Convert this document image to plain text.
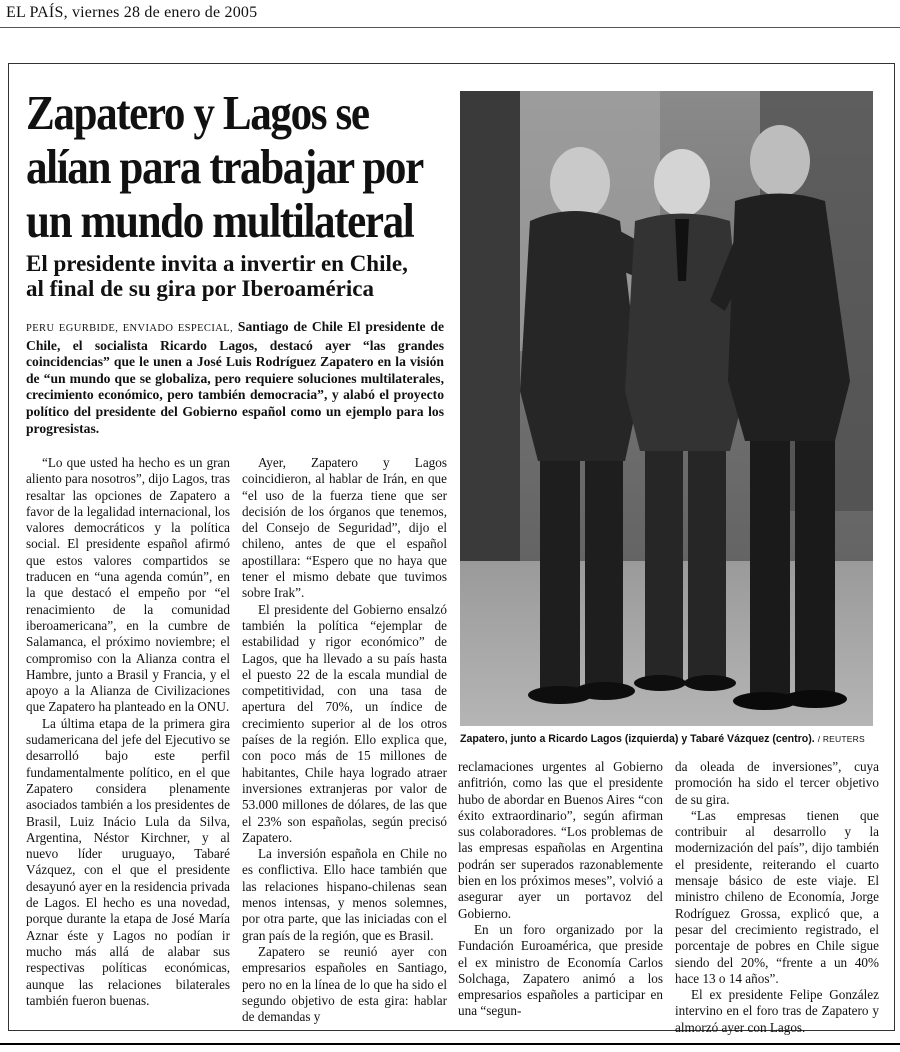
EL PAÍS, viernes 28 de enero de 2005
Zapatero y Lagos se
alían para trabajar por
un mundo multilateral
El presidente invita a invertir en Chile,
al final de su gira por Iberoamérica

PERU EGURBIDE, ENVIADO ESPECIAL, Santiago de Chile El presidente de Chile, el socialista Ricardo Lagos, destacó ayer “las grandes coincidencias” que le unen a José Luis Rodríguez Zapatero en la visión de “un mundo que se globaliza, pero requiere soluciones multilaterales, crecimiento económico, pero también democracia”, y alabó el proyecto político del presidente del Gobierno español como un ejemplo para los progresistas.

“Lo que usted ha hecho es un gran aliento para nosotros”, dijo Lagos, tras resaltar las opciones de Zapatero a favor de la legalidad internacional, los valores democráticos y la política social. El presidente español afirmó que estos valores compartidos se traducen en “una agenda común”, en la que destacó el empeño por “el renacimiento de la comunidad iberoamericana”, en la cumbre de Salamanca, el próximo noviembre; el compromiso con la Alianza contra el Hambre, junto a Brasil y Francia, y el apoyo a la Alianza de Civilizaciones que Zapatero ha planteado en la ONU.

La última etapa de la primera gira sudamericana del jefe del Ejecutivo se desarrolló bajo este perfil fundamentalmente político, en el que Zapatero considera plenamente asociados también a los presidentes de Brasil, Luiz Inácio Lula da Silva, Argentina, Néstor Kirchner, y al nuevo líder uruguayo, Tabaré Vázquez, con el que el presidente desayunó ayer en la residencia privada de Lagos. El hecho es una novedad, porque durante la etapa de José María Aznar éste y Lagos no podían ir mucho más allá de alabar sus respectivas políticas económicas, aunque las relaciones bilaterales también fueron buenas.

Ayer, Zapatero y Lagos coincidieron, al hablar de Irán, en que “el uso de la fuerza tiene que ser decisión de los órganos que tenemos, del Consejo de Seguridad”, dijo el chileno, antes de que el español apostillara: “Espero que no haya que tener el mismo debate que tuvimos sobre Irak”.

El presidente del Gobierno ensalzó también la política “ejemplar de estabilidad y rigor económico” de Lagos, que ha llevado a su país hasta el puesto 22 de la escala mundial de competitividad, con una tasa de apertura del 70%, un índice de crecimiento superior al de los otros países de la región. Ello explica que, con poco más de 15 millones de habitantes, Chile haya logrado atraer inversiones extranjeras por valor de 53.000 millones de dólares, de las que el 23% son españolas, según precisó Zapatero.

La inversión española en Chile no es conflictiva. Ello hace también que las relaciones hispano-chilenas sean menos intensas, y menos solemnes, por otra parte, que las iniciadas con el gran país de la región, que es Brasil.

Zapatero se reunió ayer con empresarios españoles en Santiago, pero no en la línea de lo que ha sido el segundo objetivo de esta gira: hablar de demandas y

reclamaciones urgentes al Gobierno anfitrión, como las que el presidente hubo de abordar en Buenos Aires “con éxito extraordinario”, según afirman sus colaboradores. “Los problemas de las empresas españolas en Argentina podrán ser superados razonablemente bien en los próximos meses”, volvió a asegurar ayer un portavoz del Gobierno.

En un foro organizado por la Fundación Euroamérica, que preside el ex ministro de Economía Carlos Solchaga, Zapatero animó a los empresarios españoles a participar en una “segun-

da oleada de inversiones”, cuya promoción ha sido el tercer objetivo de su gira.

“Las empresas tienen que contribuir al desarrollo y la modernización del país”, dijo también el presidente, reiterando el cuarto mensaje básico de este viaje. El ministro chileno de Economía, Jorge Rodríguez Grossa, explicó que, a pesar del crecimiento registrado, el porcentaje de pobres en Chile sigue siendo del 20%, “frente a un 40% hace 13 o 14 años”.

El ex presidente Felipe González intervino en el foro tras de Zapatero y almorzó ayer con Lagos.

Zapatero, junto a Ricardo Lagos (izquierda) y Tabaré Vázquez (centro). / REUTERS
